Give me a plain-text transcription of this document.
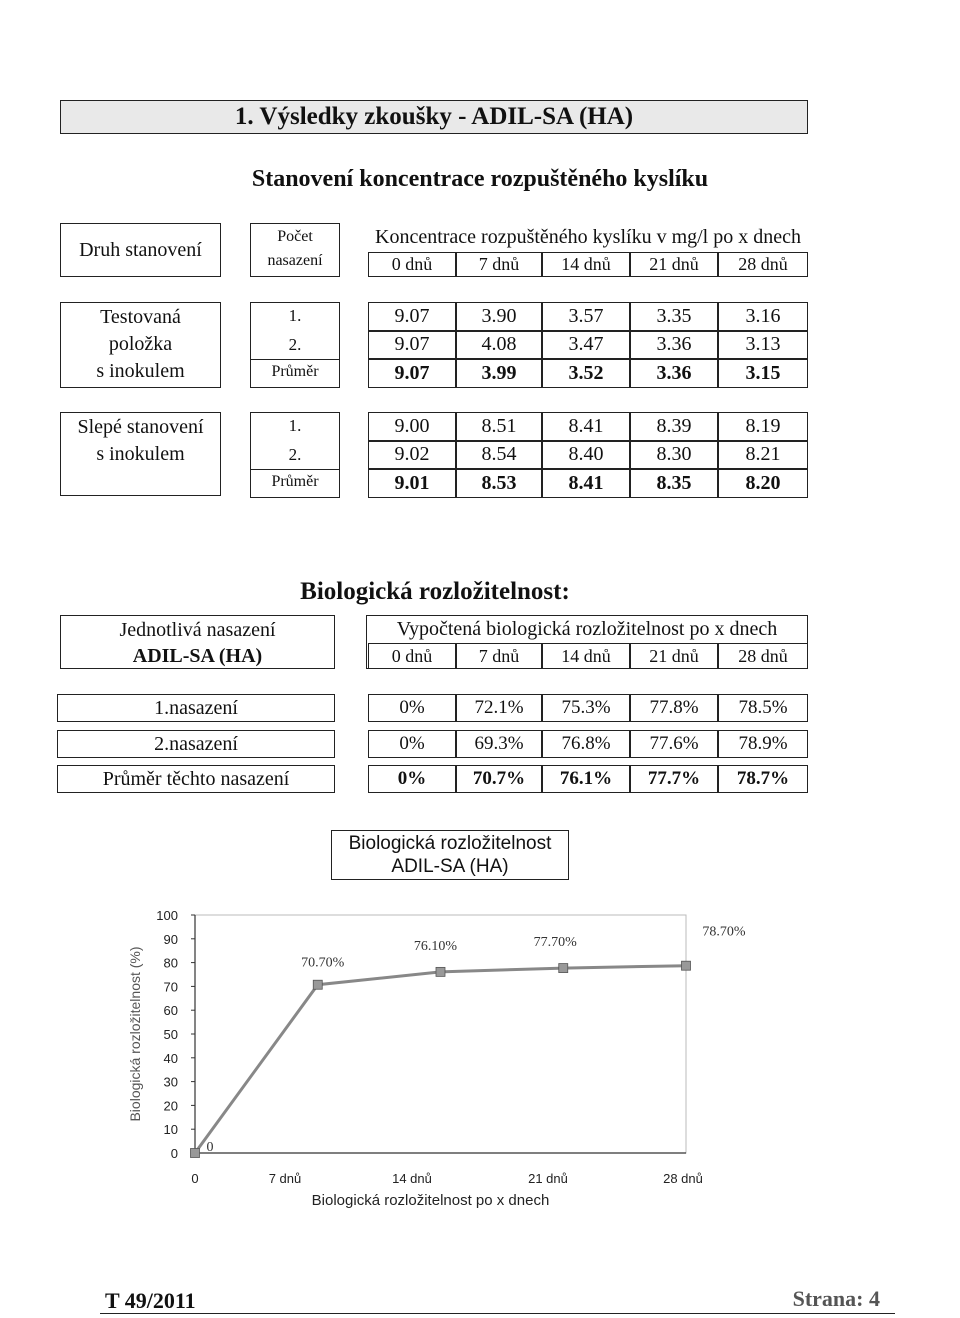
1. Výsledky zkoušky - ADIL-SA (HA)
Stanovení koncentrace rozpuštěného kyslíku
Druh stanovení
Počet
nasazení
Koncentrace rozpuštěného kyslíku v mg/l po x dnech
0 dnů	7 dnů	14 dnů	21 dnů	28 dnů
Testovaná
položka
s inokulem
1.	9.07	3.90	3.57	3.35	3.16
2.	9.07	4.08	3.47	3.36	3.13
Průměr	9.07	3.99	3.52	3.36	3.15
Slepé stanovení
s inokulem
1.	9.00	8.51	8.41	8.39	8.19
2.	9.02	8.54	8.40	8.30	8.21
Průměr	9.01	8.53	8.41	8.35	8.20
Biologická rozložitelnost:
Jednotlivá nasazení
ADIL-SA (HA)
Vypočtená biologická rozložitelnost po x dnech
0 dnů	7 dnů	14 dnů	21 dnů	28 dnů
1.nasazení	0%	72.1%	75.3%	77.8%	78.5%
2.nasazení	0%	69.3%	76.8%	77.6%	78.9%
Průměr těchto nasazení	0%	70.7%	76.1%	77.7%	78.7%
Biologická rozložitelnost
ADIL-SA (HA)
0
10
20
30
40
50
60
70
80
90
100
Biologická rozložitelnost (%)
0	7 dnů	14 dnů	21 dnů	28 dnů
Biologická rozložitelnost po x dnech
0
70.70%
76.10%	77.70%
78.70%
T 49/2011	Strana: 4
